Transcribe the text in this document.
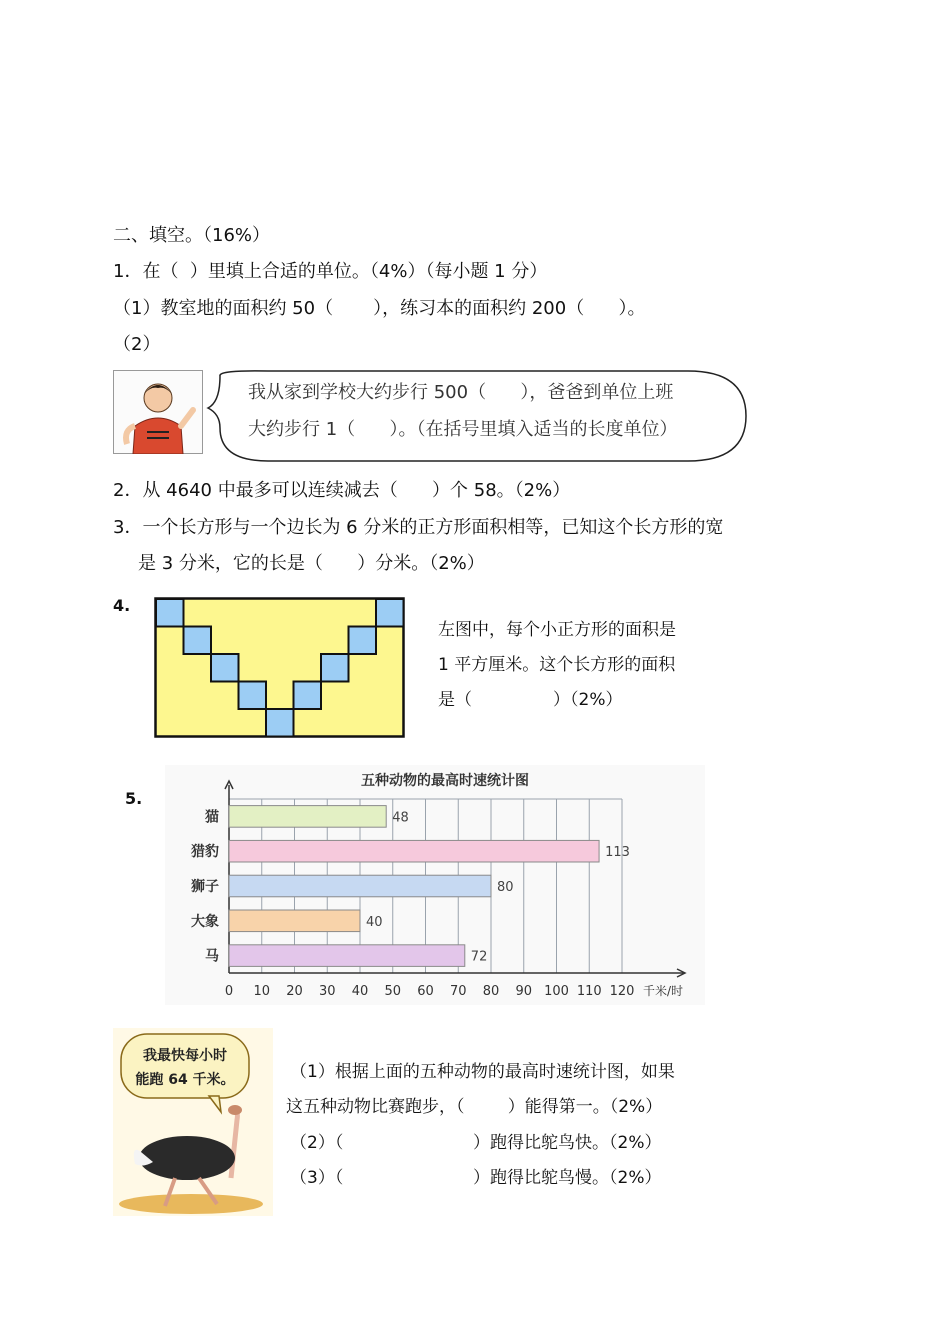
二、填空。（16%）
1．在（  ）里填上合适的单位。（4%）（每小题 1 分）
（1）教室地的面积约 50（       ），练习本的面积约 200（      ）。
（2）
我从家到学校大约步行 500（      ），爸爸到单位上班
大约步行 1（      ）。（在括号里填入适当的长度单位）
2．从 4640 中最多可以连续减去（      ）个 58。（2%）
3．一个长方形与一个边长为 6 分米的正方形面积相等，已知这个长方形的宽
是 3 分米，它的长是（      ）分米。（2%）
4.
左图中，每个小正方形的面积是
1 平方厘米。这个长方形的面积
是（               ）（2%）
5.
五种动物的最高时速统计图
48
113
80
40
72
猫
猎豹
狮子
大象
马
0 10 20 30 40 50 60 70 80 90 100 110 120 千米/时
我最快每小时
能跑 64 千米。	（1）根据上面的五种动物的最高时速统计图，如果
这五种动物比赛跑步，（        ）能得第一。（2%）
（2）（                        ）跑得比鸵鸟快。（2%）
（3）（                        ）跑得比鸵鸟慢。（2%）
